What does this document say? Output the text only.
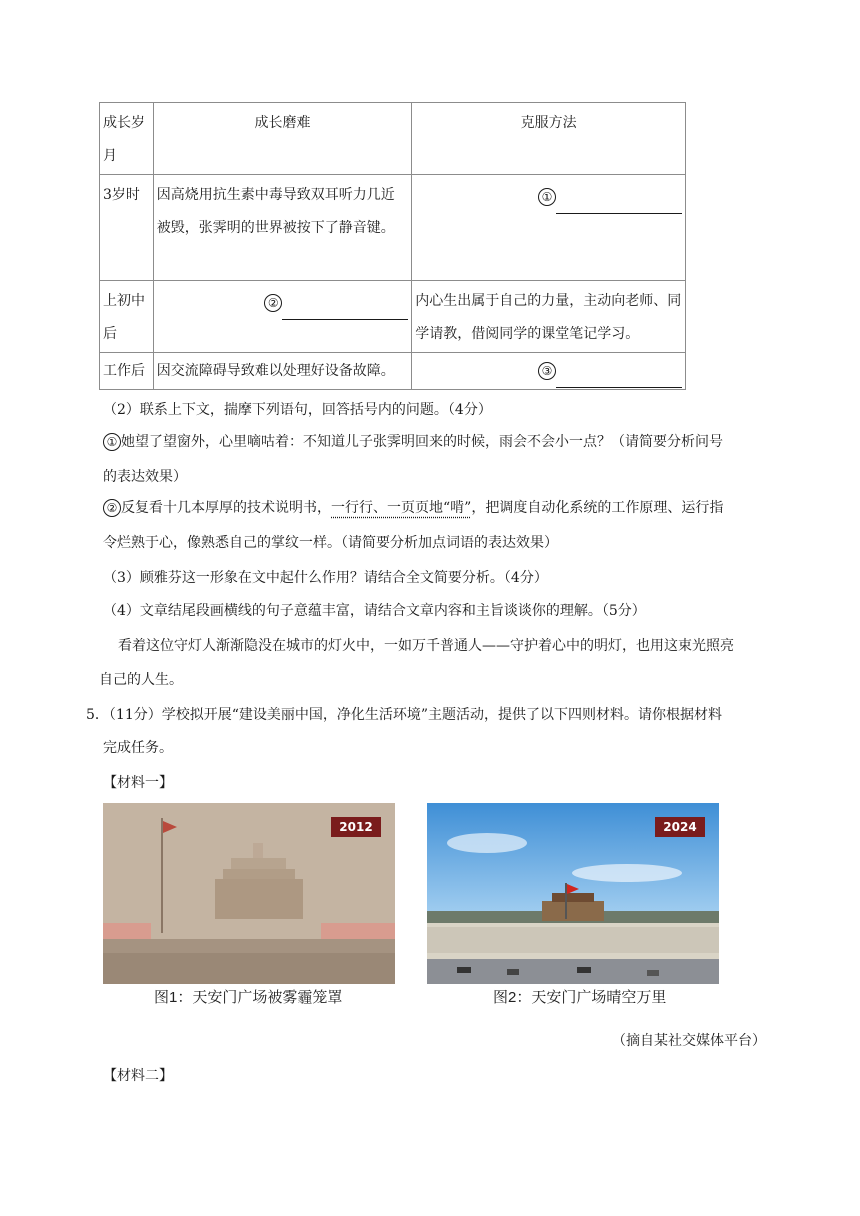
成长岁月	成长磨难	克服方法
3岁时	因高烧用抗生素中毒导致双耳听力几近被毁，张霁明的世界被按下了静音键。	①
上初中后	②	内心生出属于自己的力量，主动向老师、同学请教，借阅同学的课堂笔记学习。
工作后	因交流障碍导致难以处理好设备故障。	③
（2）联系上下文，揣摩下列语句，回答括号内的问题。（4分）
① 她望了望窗外，心里嘀咕着：不知道儿子张霁明回来的时候，雨会不会小一点？（请简要分析问号
的表达效果）
② 反复看十几本厚厚的技术说明书，一行行、一页页地“啃”，把调度自动化系统的工作原理、运行指
令烂熟于心，像熟悉自己的掌纹一样。（请简要分析加点词语的表达效果）
（3）顾雅芬这一形象在文中起什么作用？请结合全文简要分析。（4分）
（4）文章结尾段画横线的句子意蕴丰富，请结合文章内容和主旨谈谈你的理解。（5分）
看着这位守灯人渐渐隐没在城市的灯火中，一如万千普通人——守护着心中的明灯，也用这束光照亮
自己的人生。
5．（11分）学校拟开展“建设美丽中国，净化生活环境”主题活动，提供了以下四则材料。请你根据材料
完成任务。
【材料一】
2012
图1：天安门广场被雾霾笼罩
2024
图2：天安门广场晴空万里
（摘自某社交媒体平台）
【材料二】
